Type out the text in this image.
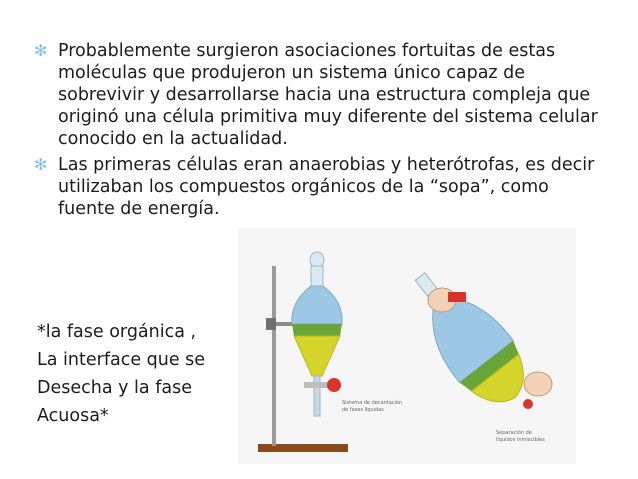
✻ Probablemente surgieron asociaciones fortuitas de estas
moléculas que produjeron un sistema único capaz de
sobrevivir y desarrollarse hacia una estructura compleja que
originó una célula primitiva muy diferente del sistema celular
conocido en la actualidad.
✻ Las primeras células eran anaerobias y heterótrofas, es decir
utilizaban los compuestos orgánicos de la “sopa”, como
fuente de energía.
*la fase orgánica ,
La interface que se
Desecha y la fase
Acuosa*
Sistema de decantación
de fases líquidas
Separación de
líquidos inmiscibles
